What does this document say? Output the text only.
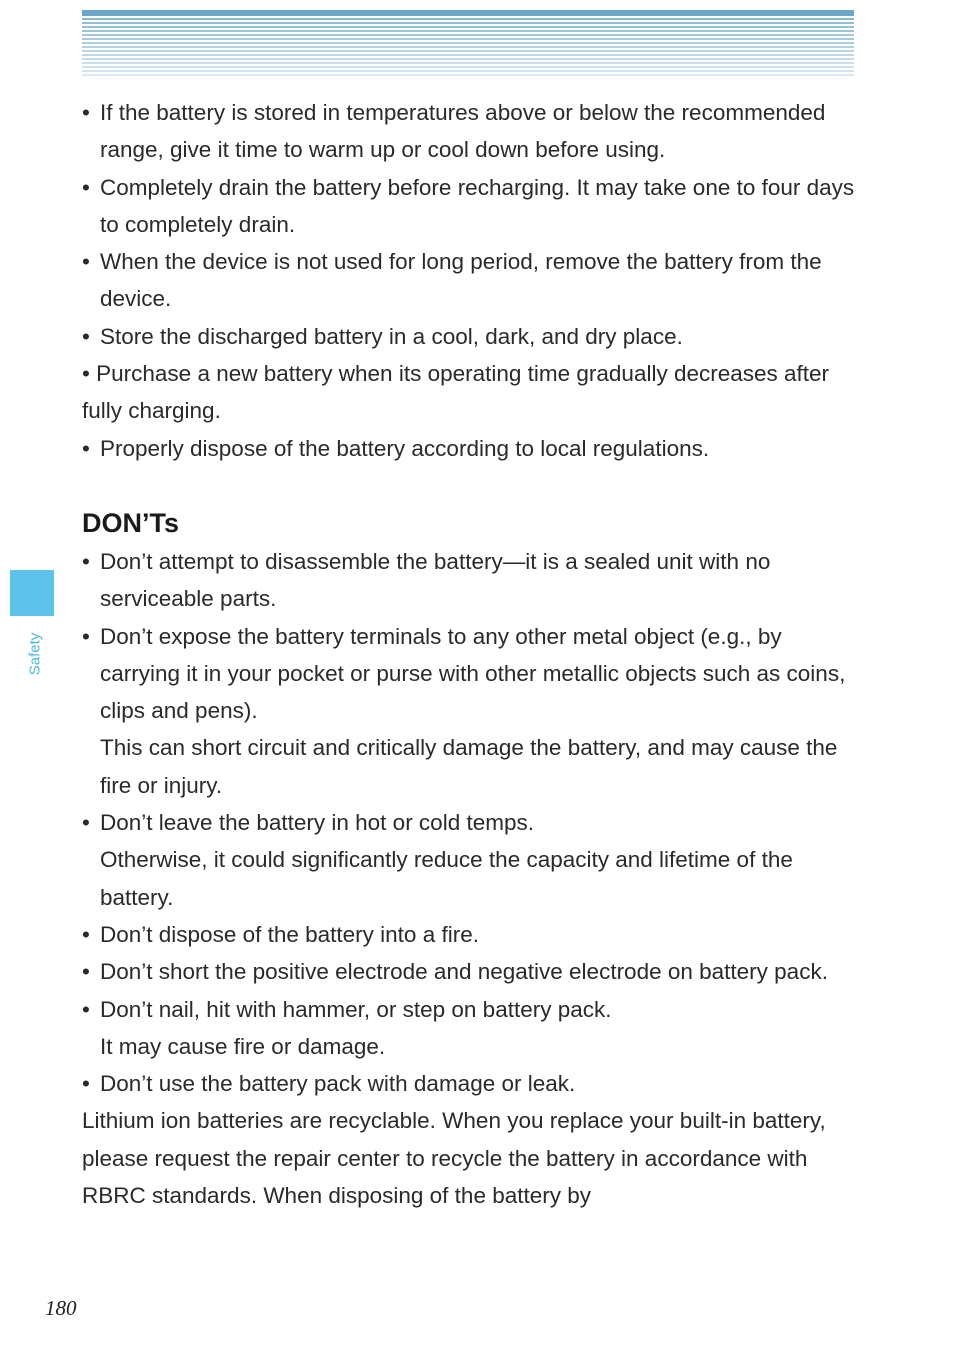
Safety

• If the battery is stored in temperatures above or below the recommended range, give it time to warm up or cool down before using.

• Completely drain the battery before recharging. It may take one to four days to completely drain.

• When the device is not used for long period, remove the battery from the device.

• Store the discharged battery in a cool, dark, and dry place.

• Purchase a new battery when its operating time gradually decreases after fully charging.

• Properly dispose of the battery according to local regulations.

DON’Ts

• Don’t attempt to disassemble the battery—it is a sealed unit with no serviceable parts.

• Don’t expose the battery terminals to any other metal object (e.g., by carrying it in your pocket or purse with other metallic objects such as coins, clips and pens).
This can short circuit and critically damage the battery, and may cause the fire or injury.

• Don’t leave the battery in hot or cold temps.
Otherwise, it could significantly reduce the capacity and lifetime of the battery.

• Don’t dispose of the battery into a fire.

• Don’t short the positive electrode and negative electrode on battery pack.

• Don’t nail, hit with hammer, or step on battery pack.
It may cause fire or damage.

• Don’t use the battery pack with damage or leak.

Lithium ion batteries are recyclable. When you replace your built-in battery, please request the repair center to recycle the battery in accordance with RBRC standards. When disposing of the battery by

180
